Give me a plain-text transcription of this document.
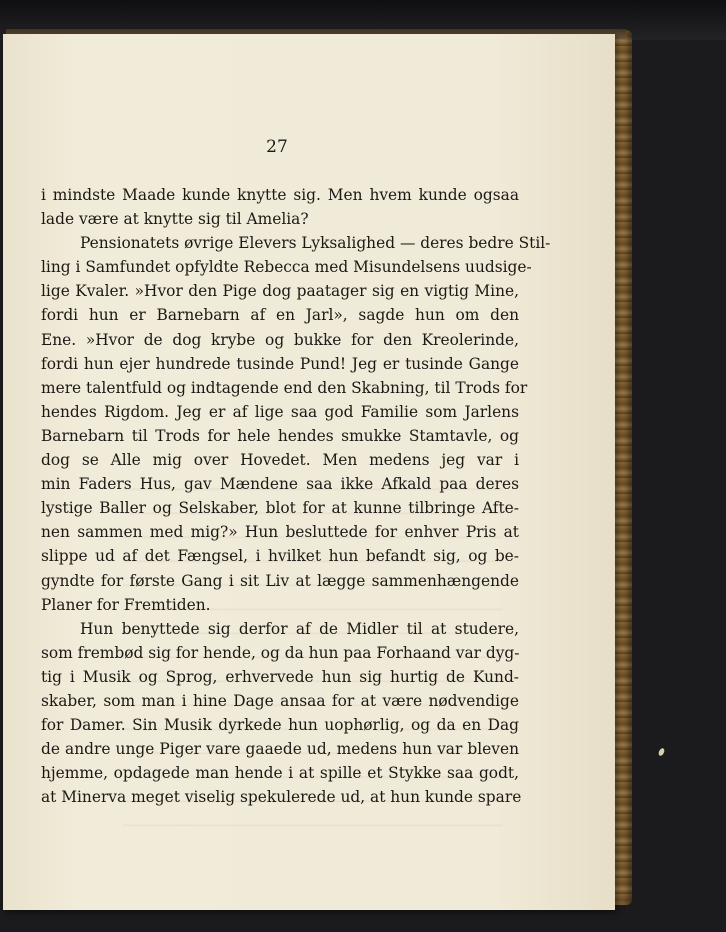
27
i mindste Maade kunde knytte sig. Men hvem kunde ogsaa
lade være at knytte sig til Amelia?
Pensionatets øvrige Elevers Lyksalighed — deres bedre Stil-
ling i Samfundet opfyldte Rebecca med Misundelsens uudsige-
lige Kvaler. »Hvor den Pige dog paatager sig en vigtig Mine,
fordi hun er Barnebarn af en Jarl», sagde hun om den
Ene. »Hvor de dog krybe og bukke for den Kreolerinde,
fordi hun ejer hundrede tusinde Pund! Jeg er tusinde Gange
mere talentfuld og indtagende end den Skabning, til Trods for
hendes Rigdom. Jeg er af lige saa god Familie som Jarlens
Barnebarn til Trods for hele hendes smukke Stamtavle, og
dog se Alle mig over Hovedet. Men medens jeg var i
min Faders Hus, gav Mændene saa ikke Afkald paa deres
lystige Baller og Selskaber, blot for at kunne tilbringe Afte-
nen sammen med mig?» Hun besluttede for enhver Pris at
slippe ud af det Fængsel, i hvilket hun befandt sig, og be-
gyndte for første Gang i sit Liv at lægge sammenhængende
Planer for Fremtiden.
Hun benyttede sig derfor af de Midler til at studere,
som frembød sig for hende, og da hun paa Forhaand var dyg-
tig i Musik og Sprog, erhvervede hun sig hurtig de Kund-
skaber, som man i hine Dage ansaa for at være nødvendige
for Damer. Sin Musik dyrkede hun uophørlig, og da en Dag
de andre unge Piger vare gaaede ud, medens hun var bleven
hjemme, opdagede man hende i at spille et Stykke saa godt,
at Minerva meget viselig spekulerede ud, at hun kunde spare
